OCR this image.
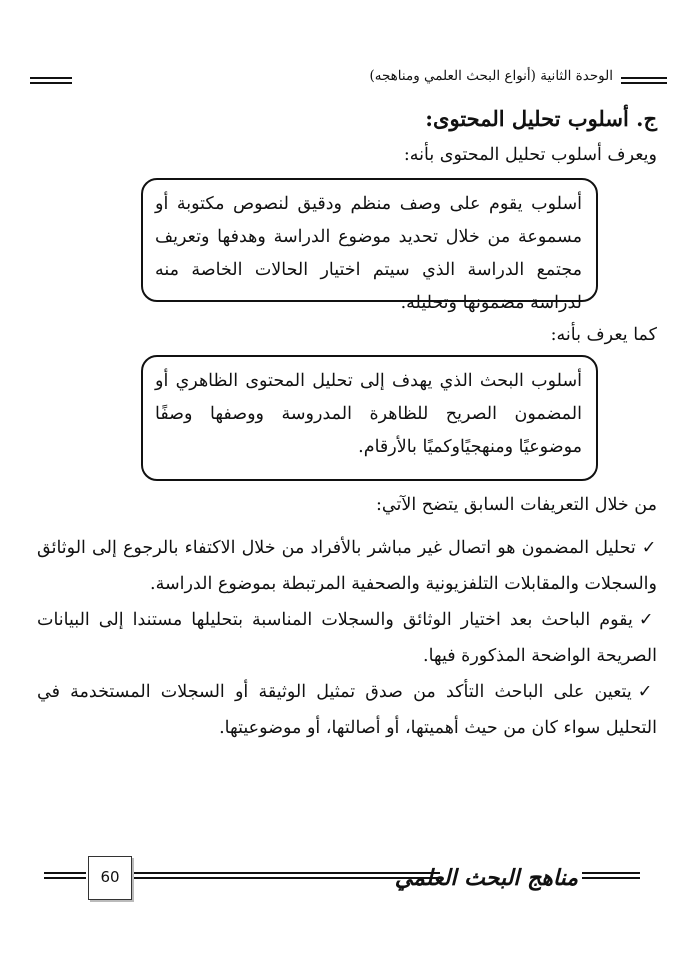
الوحدة الثانية (أنواع البحث العلمي ومناهجه)
ج. أسلوب تحليل المحتوى:
ويعرف أسلوب تحليل المحتوى بأنه:
أسلوب يقوم على وصف منظم ودقيق لنصوص مكتوبة أو مسموعة من خلال تحديد موضوع الدراسة وهدفها وتعريف مجتمع الدراسة الذي سيتم اختيار الحالات الخاصة منه لدراسة مضمونها وتحليله.
كما يعرف بأنه:
أسلوب البحث الذي يهدف إلى تحليل المحتوى الظاهري أو المضمون الصريح للظاهرة المدروسة ووصفها وصفًا موضوعيًا ومنهجيًاوكميًا بالأرقام.
من خلال التعريفات السابق يتضح الآتي:
✓تحليل المضمون هو اتصال غير مباشر بالأفراد من خلال الاكتفاء بالرجوع إلى الوثائق والسجلات والمقابلات التلفزيونية والصحفية المرتبطة بموضوع الدراسة.
✓يقوم الباحث بعد اختيار الوثائق والسجلات المناسبة بتحليلها مستندا إلى البيانات الصريحة الواضحة المذكورة فيها.
✓يتعين على الباحث التأكد من صدق تمثيل الوثيقة أو السجلات المستخدمة في التحليل سواء كان من حيث أهميتها، أو أصالتها، أو موضوعيتها.
مناهج البحث العلمي
60
